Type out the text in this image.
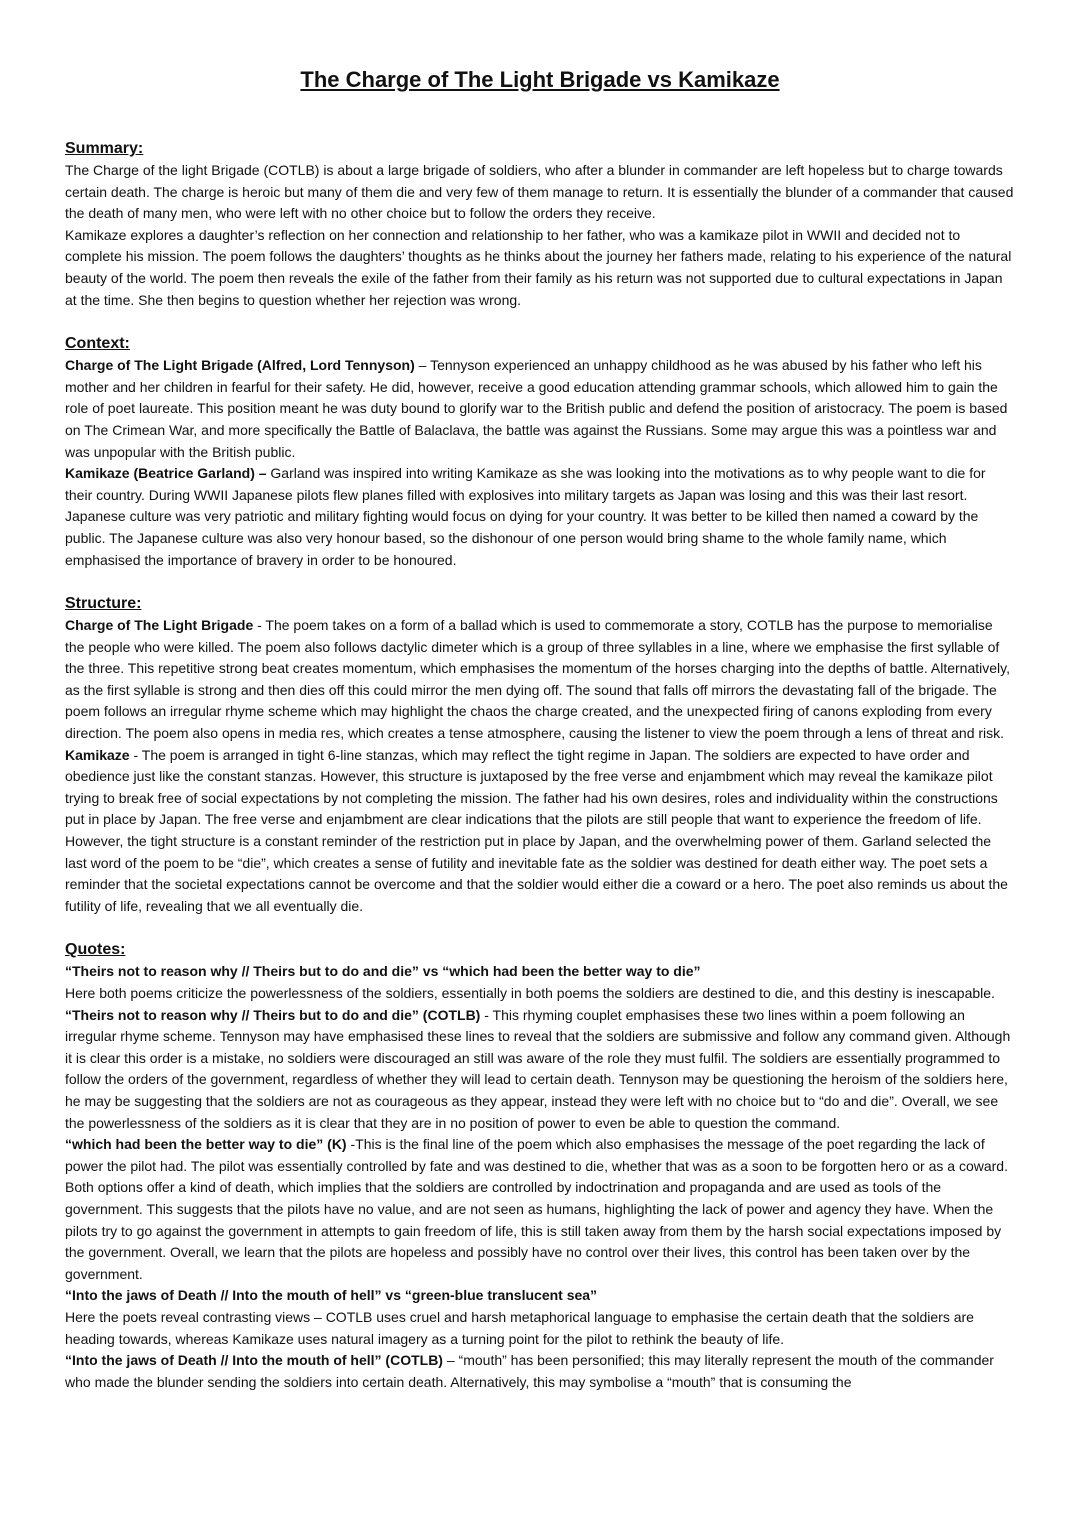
The Charge of The Light Brigade vs Kamikaze
Summary:

The Charge of the light Brigade (COTLB) is about a large brigade of soldiers, who after a blunder in commander are left hopeless but to charge towards certain death. The charge is heroic but many of them die and very few of them manage to return. It is essentially the blunder of a commander that caused the death of many men, who were left with no other choice but to follow the orders they receive.

Kamikaze explores a daughter’s reflection on her connection and relationship to her father, who was a kamikaze pilot in WWII and decided not to complete his mission. The poem follows the daughters’ thoughts as he thinks about the journey her fathers made, relating to his experience of the natural beauty of the world. The poem then reveals the exile of the father from their family as his return was not supported due to cultural expectations in Japan at the time. She then begins to question whether her rejection was wrong.

Context:

Charge of The Light Brigade (Alfred, Lord Tennyson) – Tennyson experienced an unhappy childhood as he was abused by his father who left his mother and her children in fearful for their safety. He did, however, receive a good education attending grammar schools, which allowed him to gain the role of poet laureate. This position meant he was duty bound to glorify war to the British public and defend the position of aristocracy. The poem is based on The Crimean War, and more specifically the Battle of Balaclava, the battle was against the Russians. Some may argue this was a pointless war and was unpopular with the British public.

Kamikaze (Beatrice Garland) – Garland was inspired into writing Kamikaze as she was looking into the motivations as to why people want to die for their country. During WWII Japanese pilots flew planes filled with explosives into military targets as Japan was losing and this was their last resort. Japanese culture was very patriotic and military fighting would focus on dying for your country. It was better to be killed then named a coward by the public. The Japanese culture was also very honour based, so the dishonour of one person would bring shame to the whole family name, which emphasised the importance of bravery in order to be honoured.

Structure:

Charge of The Light Brigade - The poem takes on a form of a ballad which is used to commemorate a story, COTLB has the purpose to memorialise the people who were killed. The poem also follows dactylic dimeter which is a group of three syllables in a line, where we emphasise the first syllable of the three. This repetitive strong beat creates momentum, which emphasises the momentum of the horses charging into the depths of battle. Alternatively, as the first syllable is strong and then dies off this could mirror the men dying off. The sound that falls off mirrors the devastating fall of the brigade. The poem follows an irregular rhyme scheme which may highlight the chaos the charge created, and the unexpected firing of canons exploding from every direction. The poem also opens in media res, which creates a tense atmosphere, causing the listener to view the poem through a lens of threat and risk.

Kamikaze - The poem is arranged in tight 6-line stanzas, which may reflect the tight regime in Japan. The soldiers are expected to have order and obedience just like the constant stanzas. However, this structure is juxtaposed by the free verse and enjambment which may reveal the kamikaze pilot trying to break free of social expectations by not completing the mission. The father had his own desires, roles and individuality within the constructions put in place by Japan. The free verse and enjambment are clear indications that the pilots are still people that want to experience the freedom of life. However, the tight structure is a constant reminder of the restriction put in place by Japan, and the overwhelming power of them. Garland selected the last word of the poem to be “die”, which creates a sense of futility and inevitable fate as the soldier was destined for death either way. The poet sets a reminder that the societal expectations cannot be overcome and that the soldier would either die a coward or a hero. The poet also reminds us about the futility of life, revealing that we all eventually die.

Quotes:

“Theirs not to reason why // Theirs but to do and die” vs “which had been the better way to die”

Here both poems criticize the powerlessness of the soldiers, essentially in both poems the soldiers are destined to die, and this destiny is inescapable.

“Theirs not to reason why // Theirs but to do and die” (COTLB) - This rhyming couplet emphasises these two lines within a poem following an irregular rhyme scheme. Tennyson may have emphasised these lines to reveal that the soldiers are submissive and follow any command given. Although it is clear this order is a mistake, no soldiers were discouraged an still was aware of the role they must fulfil. The soldiers are essentially programmed to follow the orders of the government, regardless of whether they will lead to certain death. Tennyson may be questioning the heroism of the soldiers here, he may be suggesting that the soldiers are not as courageous as they appear, instead they were left with no choice but to “do and die”. Overall, we see the powerlessness of the soldiers as it is clear that they are in no position of power to even be able to question the command.

“which had been the better way to die” (K) -This is the final line of the poem which also emphasises the message of the poet regarding the lack of power the pilot had. The pilot was essentially controlled by fate and was destined to die, whether that was as a soon to be forgotten hero or as a coward. Both options offer a kind of death, which implies that the soldiers are controlled by indoctrination and propaganda and are used as tools of the government. This suggests that the pilots have no value, and are not seen as humans, highlighting the lack of power and agency they have. When the pilots try to go against the government in attempts to gain freedom of life, this is still taken away from them by the harsh social expectations imposed by the government. Overall, we learn that the pilots are hopeless and possibly have no control over their lives, this control has been taken over by the government.

“Into the jaws of Death // Into the mouth of hell” vs “green-blue translucent sea”

Here the poets reveal contrasting views – COTLB uses cruel and harsh metaphorical language to emphasise the certain death that the soldiers are heading towards, whereas Kamikaze uses natural imagery as a turning point for the pilot to rethink the beauty of life.

“Into the jaws of Death // Into the mouth of hell” (COTLB) – “mouth” has been personified; this may literally represent the mouth of the commander who made the blunder sending the soldiers into certain death. Alternatively, this may symbolise a “mouth” that is consuming the
